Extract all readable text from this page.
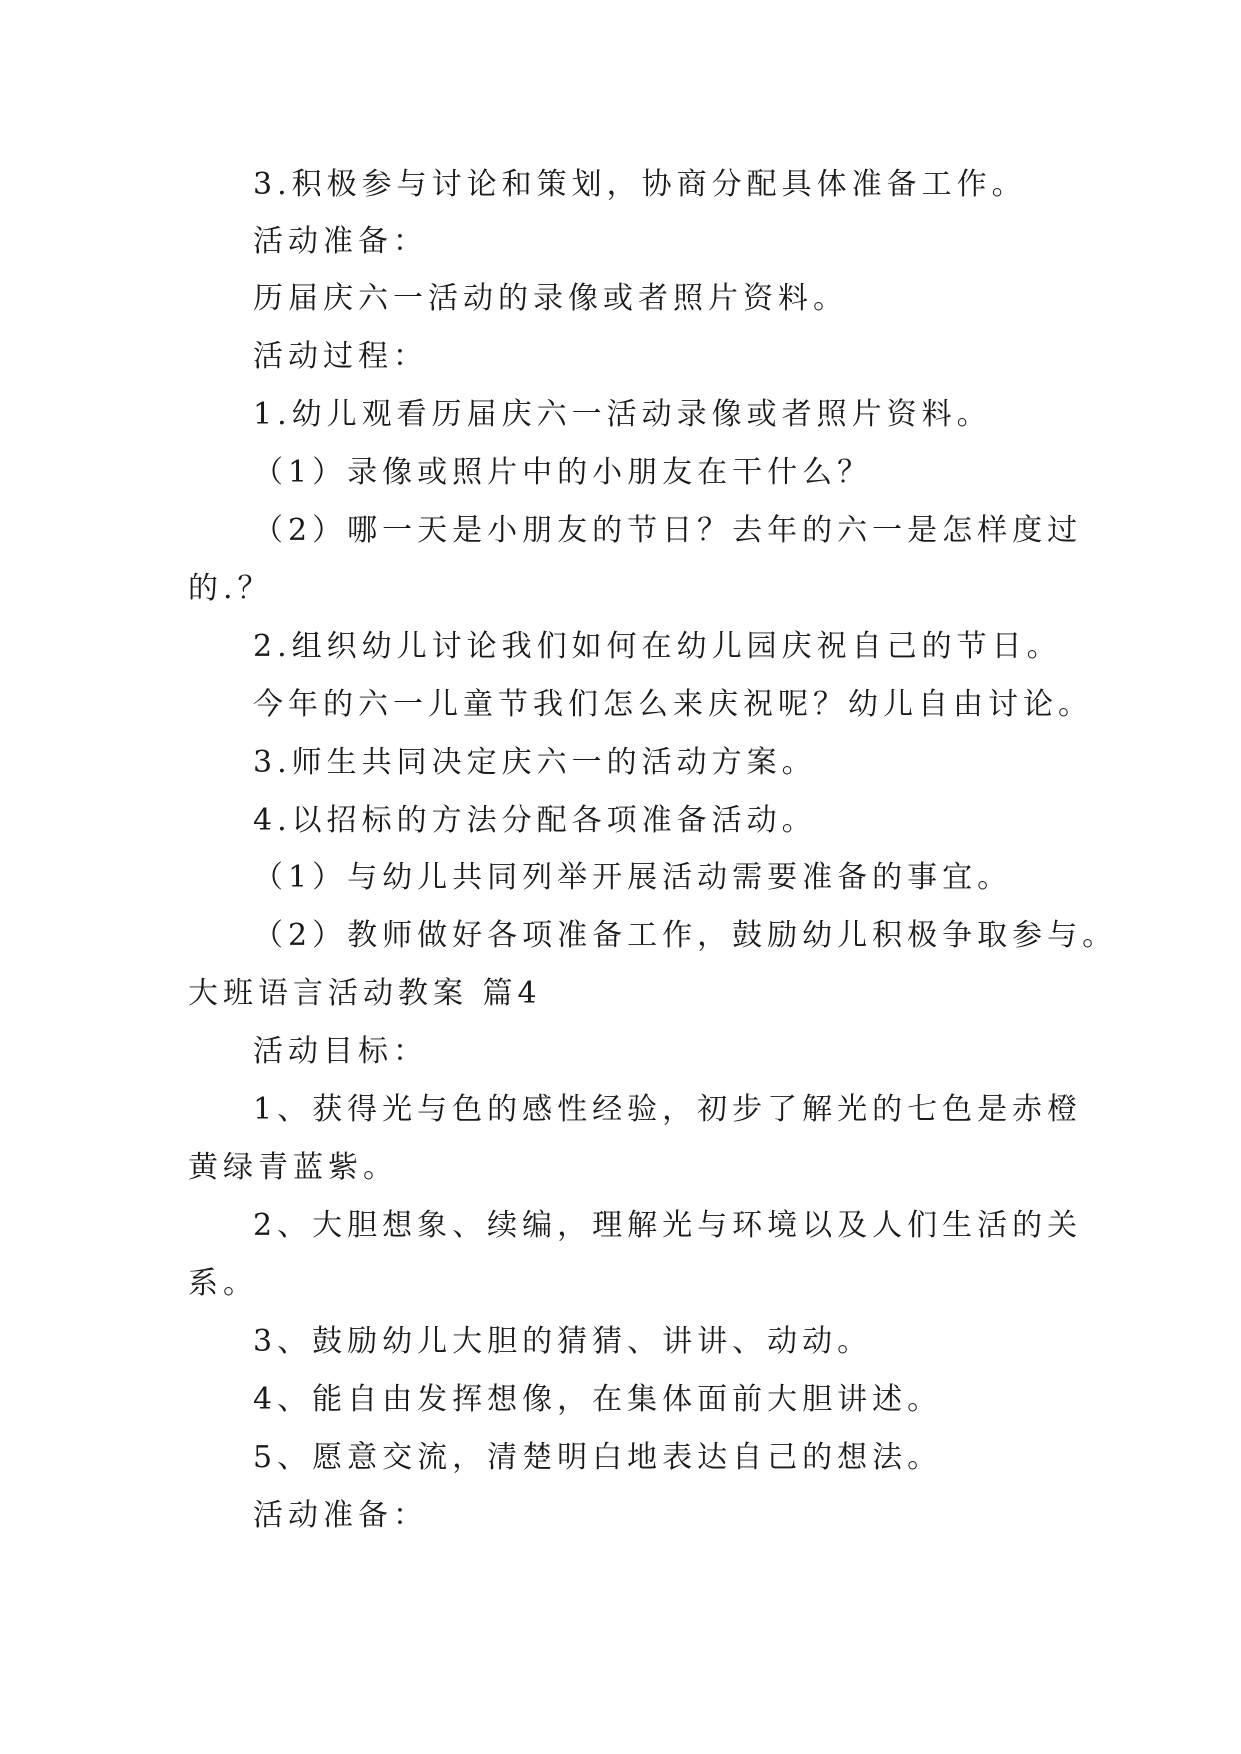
3.积极参与讨论和策划，协商分配具体准备工作。
活动准备：
历届庆六一活动的录像或者照片资料。
活动过程：
1.幼儿观看历届庆六一活动录像或者照片资料。
（1）录像或照片中的小朋友在干什么？
（2）哪一天是小朋友的节日？去年的六一是怎样度过
的.？
2.组织幼儿讨论我们如何在幼儿园庆祝自己的节日。
今年的六一儿童节我们怎么来庆祝呢？幼儿自由讨论。
3.师生共同决定庆六一的活动方案。
4.以招标的方法分配各项准备活动。
（1）与幼儿共同列举开展活动需要准备的事宜。
（2）教师做好各项准备工作，鼓励幼儿积极争取参与。
大班语言活动教案 篇4
活动目标：
1、获得光与色的感性经验，初步了解光的七色是赤橙
黄绿青蓝紫。
2、大胆想象、续编，理解光与环境以及人们生活的关
系。
3、鼓励幼儿大胆的猜猜、讲讲、动动。
4、能自由发挥想像，在集体面前大胆讲述。
5、愿意交流，清楚明白地表达自己的想法。
活动准备：
